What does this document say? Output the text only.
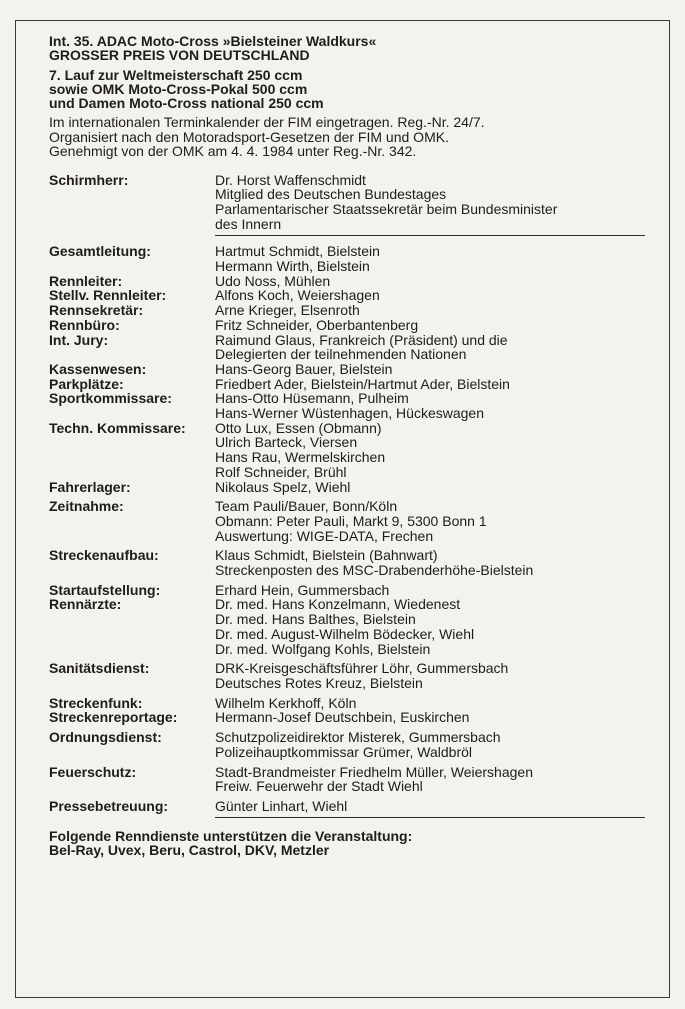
Int. 35. ADAC Moto-Cross »Bielsteiner Waldkurs«

GROSSER PREIS VON DEUTSCHLAND

7. Lauf zur Weltmeisterschaft 250 ccm

sowie OMK Moto-Cross-Pokal 500 ccm

und Damen Moto-Cross national 250 ccm

Im internationalen Terminkalender der FIM eingetragen. Reg.-Nr. 24/7.
Organisiert nach den Motoradsport-Gesetzen der FIM und OMK.
Genehmigt von der OMK am 4. 4. 1984 unter Reg.-Nr. 342.
Schirmherr:	Dr. Horst Waffenschmidt
Mitglied des Deutschen Bundestages
Parlamentarischer Staatssekretär beim Bundesminister
des Innern

Gesamtleitung:	Hartmut Schmidt, Bielstein
Hermann Wirth, Bielstein

Rennleiter:	Udo Noss, Mühlen

Stellv. Rennleiter:	Alfons Koch, Weiershagen

Rennsekretär:	Arne Krieger, Elsenroth

Rennbüro:	Fritz Schneider, Oberbantenberg

Int. Jury:	Raimund Glaus, Frankreich (Präsident) und die
Delegierten der teilnehmenden Nationen

Kassenwesen:	Hans-Georg Bauer, Bielstein

Parkplätze:	Friedbert Ader, Bielstein/Hartmut Ader, Bielstein

Sportkommissare:	Hans-Otto Hüsemann, Pulheim
Hans-Werner Wüstenhagen, Hückeswagen

Techn. Kommissare:	Otto Lux, Essen (Obmann)
Ulrich Barteck, Viersen
Hans Rau, Wermelskirchen
Rolf Schneider, Brühl

Fahrerlager:	Nikolaus Spelz, Wiehl

Zeitnahme:	Team Pauli/Bauer, Bonn/Köln
Obmann: Peter Pauli, Markt 9, 5300 Bonn 1
Auswertung: WIGE-DATA, Frechen

Streckenaufbau:	Klaus Schmidt, Bielstein (Bahnwart)
Streckenposten des MSC-Drabenderhöhe-Bielstein

Startaufstellung:	Erhard Hein, Gummersbach

Rennärzte:	Dr. med. Hans Konzelmann, Wiedenest
Dr. med. Hans Balthes, Bielstein
Dr. med. August-Wilhelm Bödecker, Wiehl
Dr. med. Wolfgang Kohls, Bielstein

Sanitätsdienst:	DRK-Kreisgeschäftsführer Löhr, Gummersbach
Deutsches Rotes Kreuz, Bielstein

Streckenfunk:	Wilhelm Kerkhoff, Köln

Streckenreportage:	Hermann-Josef Deutschbein, Euskirchen

Ordnungsdienst:	Schutzpolizeidirektor Misterek, Gummersbach
Polizeihauptkommissar Grümer, Waldbröl

Feuerschutz:	Stadt-Brandmeister Friedhelm Müller, Weiershagen
Freiw. Feuerwehr der Stadt Wiehl

Pressebetreuung:	Günter Linhart, Wiehl
Folgende Renndienste unterstützen die Veranstaltung:
Bel-Ray, Uvex, Beru, Castrol, DKV, Metzler
